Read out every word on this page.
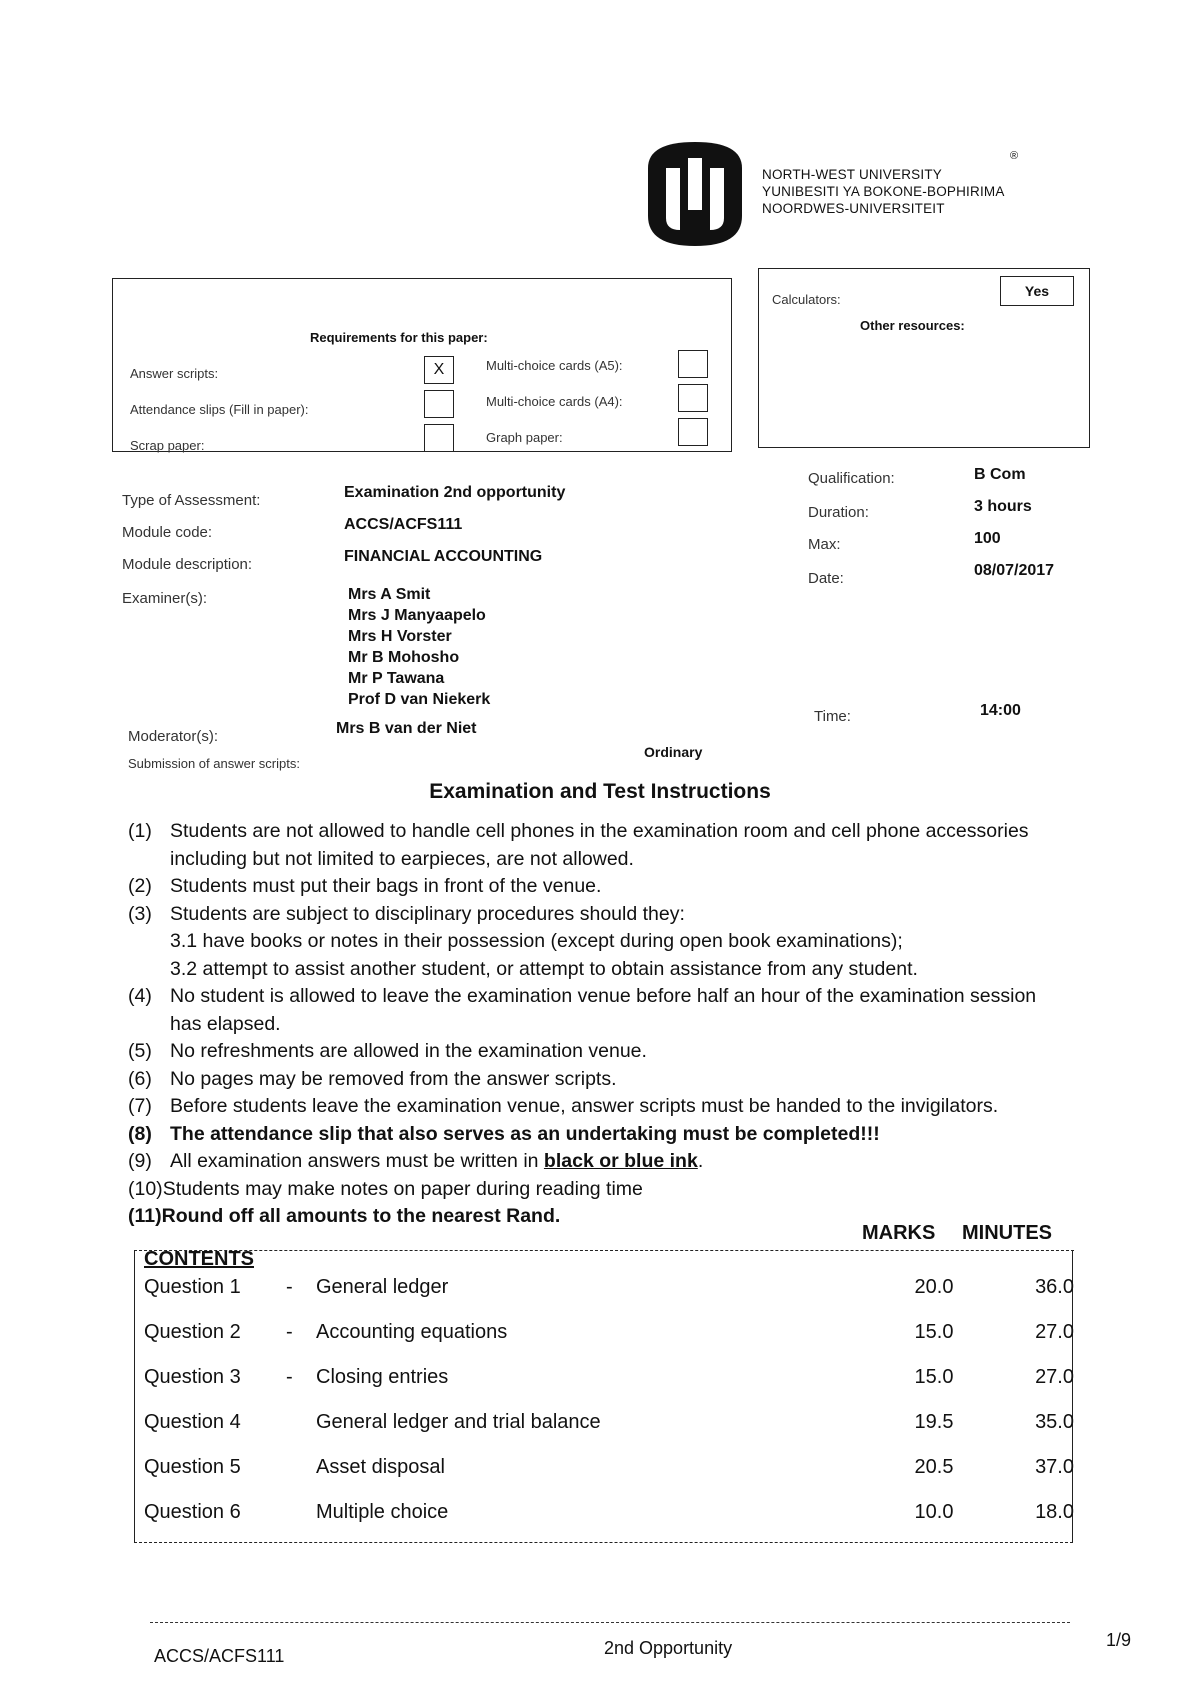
NORTH-WEST UNIVERSITY
YUNIBESITI YA BOKONE-BOPHIRIMA
NOORDWES-UNIVERSITEIT
®
Requirements for this paper:
Answer scripts:	X
Attendance slips (Fill in paper):
Scrap paper:
Multi-choice cards (A5):
Multi-choice cards (A4):
Graph paper:
Calculators:
Yes
Other resources:
Type of Assessment:	Examination 2nd opportunity
Module code:	ACCS/ACFS111
Module description:	FINANCIAL ACCOUNTING
Examiner(s):	Mrs A Smit
Mrs J Manyaapelo
Mrs H Vorster
Mr B Mohosho
Mr P Tawana
Prof D van Niekerk
Moderator(s):	Mrs B van der Niet
Submission of answer scripts:
Ordinary
Qualification:	B Com
Duration:	3 hours
Max:	100
Date:	08/07/2017
Time:	14:00
Examination and Test Instructions
(1) Students are not allowed to handle cell phones in the examination room and cell phone accessories including but not limited to earpieces, are not allowed.
(2) Students must put their bags in front of the venue.
(3) Students are subject to disciplinary procedures should they:
3.1 have books or notes in their possession (except during open book examinations);
3.2 attempt to assist another student, or attempt to obtain assistance from any student.
(4) No student is allowed to leave the examination venue before half an hour of the examination session has elapsed.
(5) No refreshments are allowed in the examination venue.
(6) No pages may be removed from the answer scripts.
(7) Before students leave the examination venue, answer scripts must be handed to the invigilators.
(8) The attendance slip that also serves as an undertaking must be completed!!!
(9) All examination answers must be written in black or blue ink.
(10) Students may make notes on paper during reading time
(11) Round off all amounts to the nearest Rand.
CONTENTS
MARKS MINUTES
Question 1 - General ledger	20.0	36.0
Question 2 - Accounting equations	15.0	27.0
Question 3 - Closing entries	15.0	27.0
Question 4	General ledger and trial balance	19.5	35.0
Question 5	Asset disposal	20.5	37.0
Question 6	Multiple choice	10.0	18.0
ACCS/ACFS111	2nd Opportunity	1/9
